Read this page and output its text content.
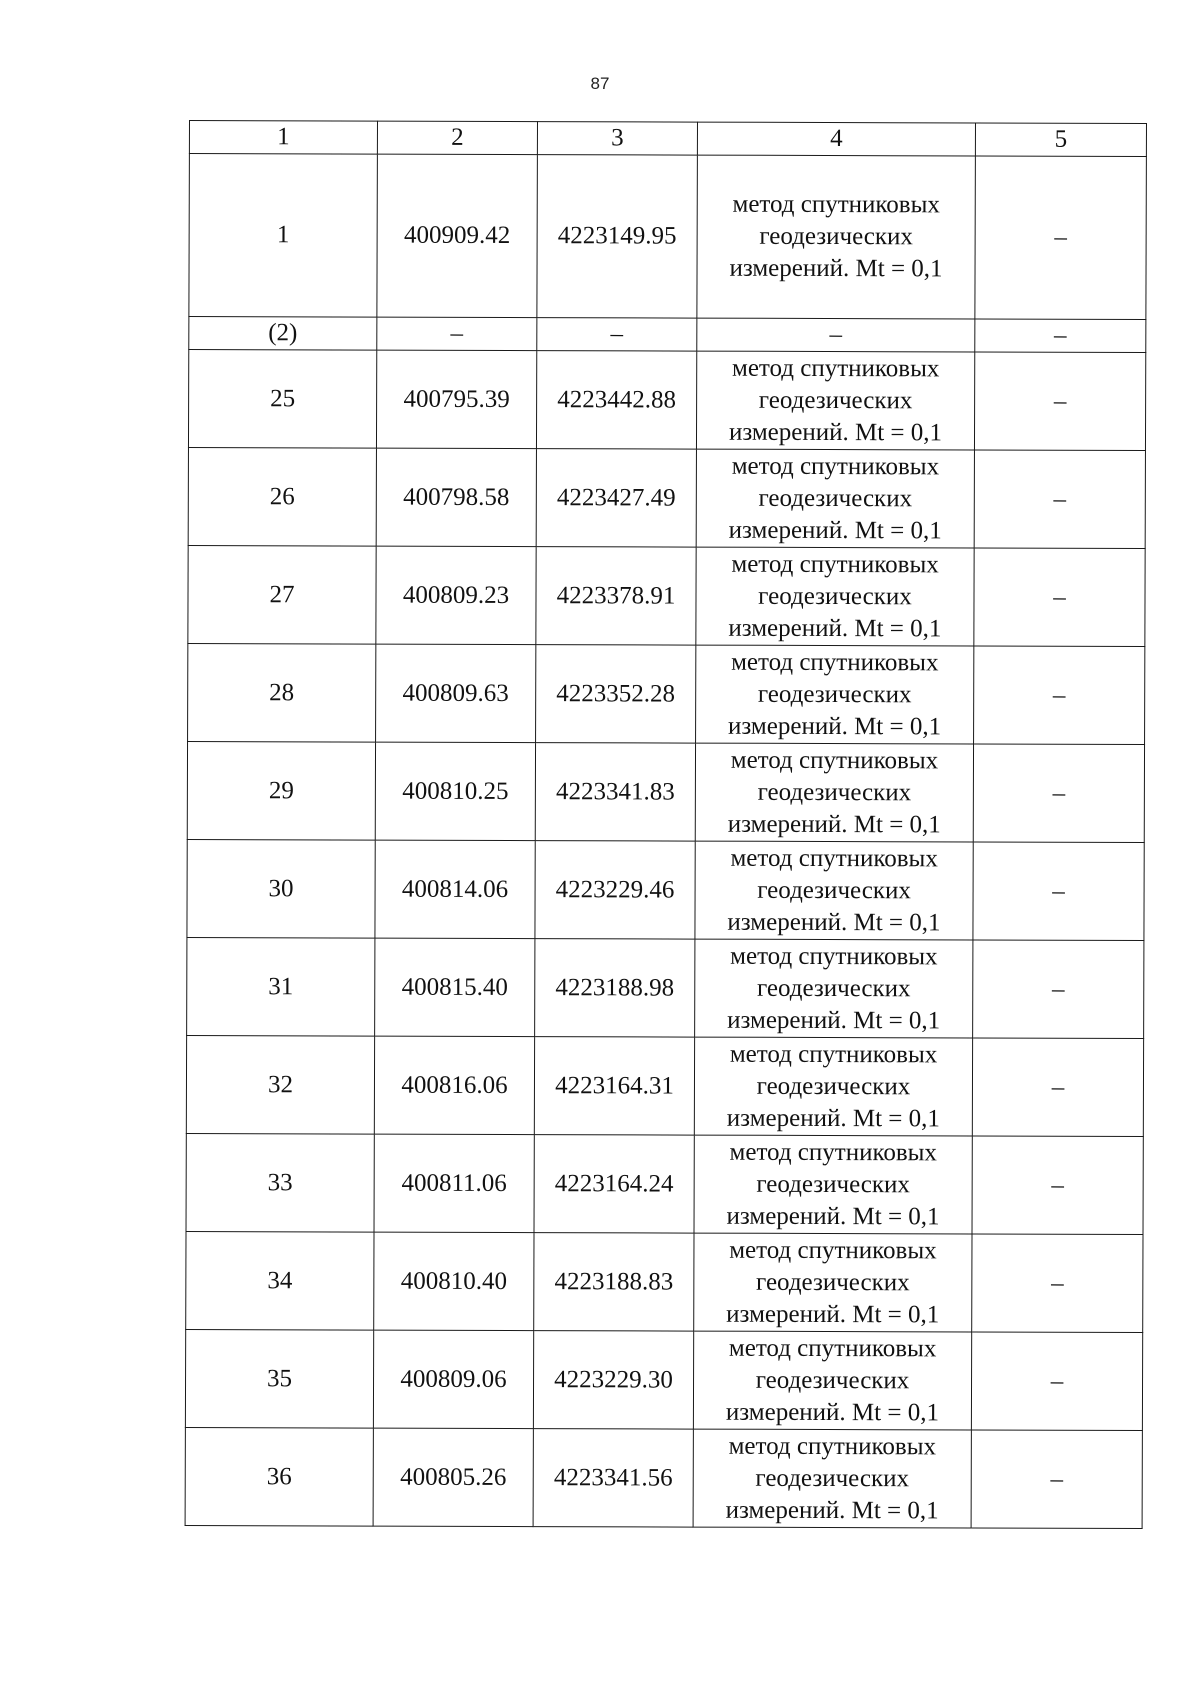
87
1	2	3	4	5
1	400909.42	4223149.95	метод спутниковых
геодезических
измерений. Mt = 0,1	–
(2)	–	–	–	–
25	400795.39	4223442.88	метод спутниковых
геодезических
измерений. Mt = 0,1	–
26	400798.58	4223427.49	метод спутниковых
геодезических
измерений. Mt = 0,1	–
27	400809.23	4223378.91	метод спутниковых
геодезических
измерений. Mt = 0,1	–
28	400809.63	4223352.28	метод спутниковых
геодезических
измерений. Mt = 0,1	–
29	400810.25	4223341.83	метод спутниковых
геодезических
измерений. Mt = 0,1	–
30	400814.06	4223229.46	метод спутниковых
геодезических
измерений. Mt = 0,1	–
31	400815.40	4223188.98	метод спутниковых
геодезических
измерений. Mt = 0,1	–
32	400816.06	4223164.31	метод спутниковых
геодезических
измерений. Mt = 0,1	–
33	400811.06	4223164.24	метод спутниковых
геодезических
измерений. Mt = 0,1	–
34	400810.40	4223188.83	метод спутниковых
геодезических
измерений. Mt = 0,1	–
35	400809.06	4223229.30	метод спутниковых
геодезических
измерений. Mt = 0,1	–
36	400805.26	4223341.56	метод спутниковых
геодезических
измерений. Mt = 0,1	–
